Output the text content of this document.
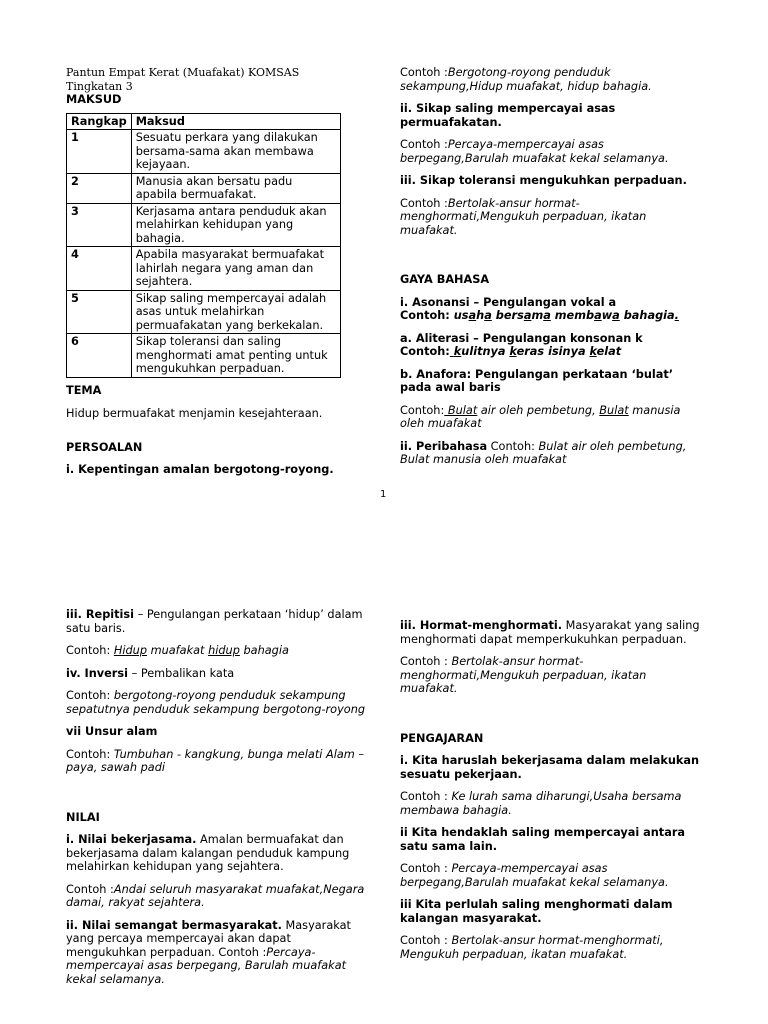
Pantun Empat Kerat (Muafakat) KOMSAS Tingkatan 3

MAKSUD

Rangkap	Maksud
1	Sesuatu perkara yang dilakukan bersama-sama akan membawa kejayaan.
2	Manusia akan bersatu padu apabila bermuafakat.
3	Kerjasama antara penduduk akan melahirkan kehidupan yang bahagia.
4	Apabila masyarakat bermuafakat lahirlah negara yang aman dan sejahtera.
5	Sikap saling mempercayai adalah asas untuk melahirkan permuafakatan yang berkekalan.
6	Sikap toleransi dan saling menghormati amat penting untuk mengukuhkan perpaduan.

TEMA

Hidup bermuafakat menjamin kesejahteraan.

PERSOALAN

i. Kepentingan amalan bergotong-royong.

Contoh :Bergotong-royong penduduk sekampung,Hidup muafakat, hidup bahagia.

ii. Sikap saling mempercayai asas permuafakatan.

Contoh :Percaya-mempercayai asas berpegang,Barulah muafakat kekal selamanya.

iii. Sikap toleransi mengukuhkan perpaduan.

Contoh :Bertolak-ansur hormat-menghormati,Mengukuh perpaduan, ikatan muafakat.

GAYA BAHASA

i. Asonansi – Pengulangan vokal a

Contoh: usaha bersama membawa bahagia.

a. Aliterasi – Pengulangan konsonan k

Contoh: kulitnya keras isinya kelat

b. Anafora: Pengulangan perkataan ‘bulat’ pada awal baris

Contoh: Bulat air oleh pembetung, Bulat manusia oleh muafakat

ii. Peribahasa Contoh: Bulat air oleh pembetung, Bulat manusia oleh muafakat

1

iii. Repitisi – Pengulangan perkataan ‘hidup’ dalam satu baris.

Contoh: Hidup muafakat hidup bahagia

iv. Inversi – Pembalikan kata

Contoh: bergotong-royong penduduk sekampung sepatutnya penduduk sekampung bergotong-royong

vii Unsur alam

Contoh: Tumbuhan - kangkung, bunga melati Alam – paya, sawah padi

NILAI

i. Nilai bekerjasama. Amalan bermuafakat dan bekerjasama dalam kalangan penduduk kampung melahirkan kehidupan yang sejahtera.

Contoh :Andai seluruh masyarakat muafakat,Negara damai, rakyat sejahtera.

ii. Nilai semangat bermasyarakat. Masyarakat yang percaya mempercayai akan dapat mengukuhkan perpaduan. Contoh :Percaya-mempercayai asas berpegang, Barulah muafakat kekal selamanya.

iii. Hormat-menghormati. Masyarakat yang saling menghormati dapat memperkukuhkan perpaduan.

Contoh : Bertolak-ansur hormat-menghormati,Mengukuh perpaduan, ikatan muafakat.

PENGAJARAN

i. Kita haruslah bekerjasama dalam melakukan sesuatu pekerjaan.

Contoh : Ke lurah sama diharungi,Usaha bersama membawa bahagia.

ii Kita hendaklah saling mempercayai antara satu sama lain.

Contoh : Percaya-mempercayai asas berpegang,Barulah muafakat kekal selamanya.

iii Kita perlulah saling menghormati dalam kalangan masyarakat.

Contoh : Bertolak-ansur hormat-menghormati, Mengukuh perpaduan, ikatan muafakat.
